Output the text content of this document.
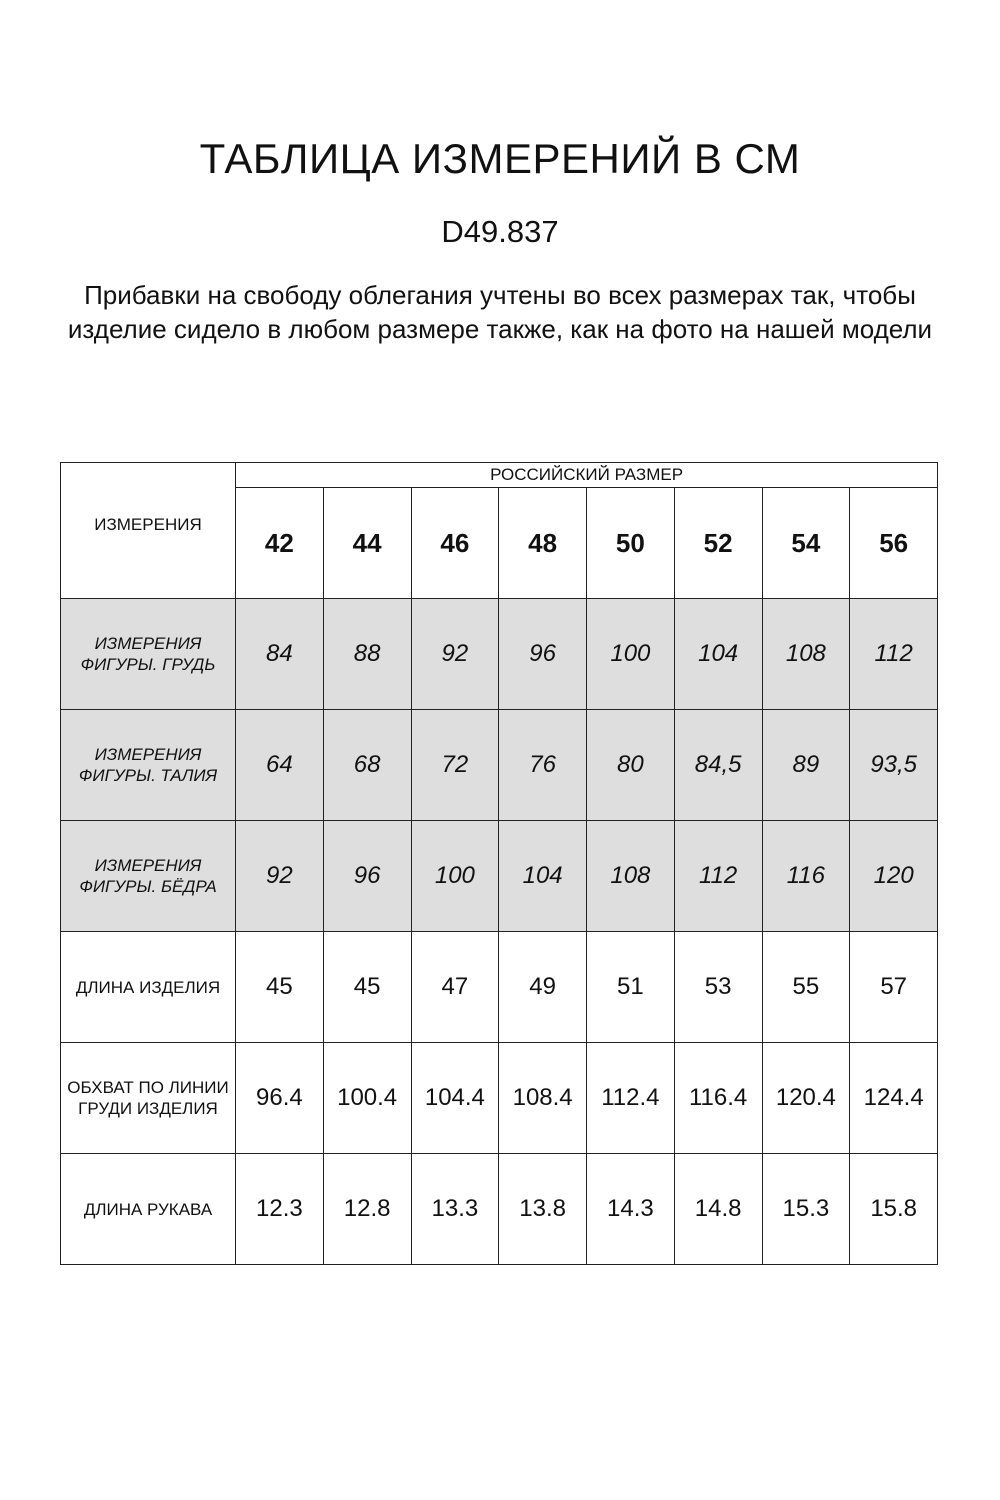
ТАБЛИЦА ИЗМЕРЕНИЙ В СМ
D49.837
Прибавки на свободу облегания учтены во всех размерах так, чтобы изделие сидело в любом размере также, как на фото на нашей модели
ИЗМЕРЕНИЯ	РОССИЙСКИЙ РАЗМЕР							
	42	44	46	48	50	52	54	56
ИЗМЕРЕНИЯ ФИГУРЫ. ГРУДЬ	84	88	92	96	100	104	108	112
ИЗМЕРЕНИЯ ФИГУРЫ. ТАЛИЯ	64	68	72	76	80	84,5	89	93,5
ИЗМЕРЕНИЯ ФИГУРЫ. БЁДРА	92	96	100	104	108	112	116	120
ДЛИНА ИЗДЕЛИЯ	45	45	47	49	51	53	55	57
ОБХВАТ ПО ЛИНИИ ГРУДИ ИЗДЕЛИЯ	96.4	100.4	104.4	108.4	112.4	116.4	120.4	124.4
ДЛИНА РУКАВА	12.3	12.8	13.3	13.8	14.3	14.8	15.3	15.8
